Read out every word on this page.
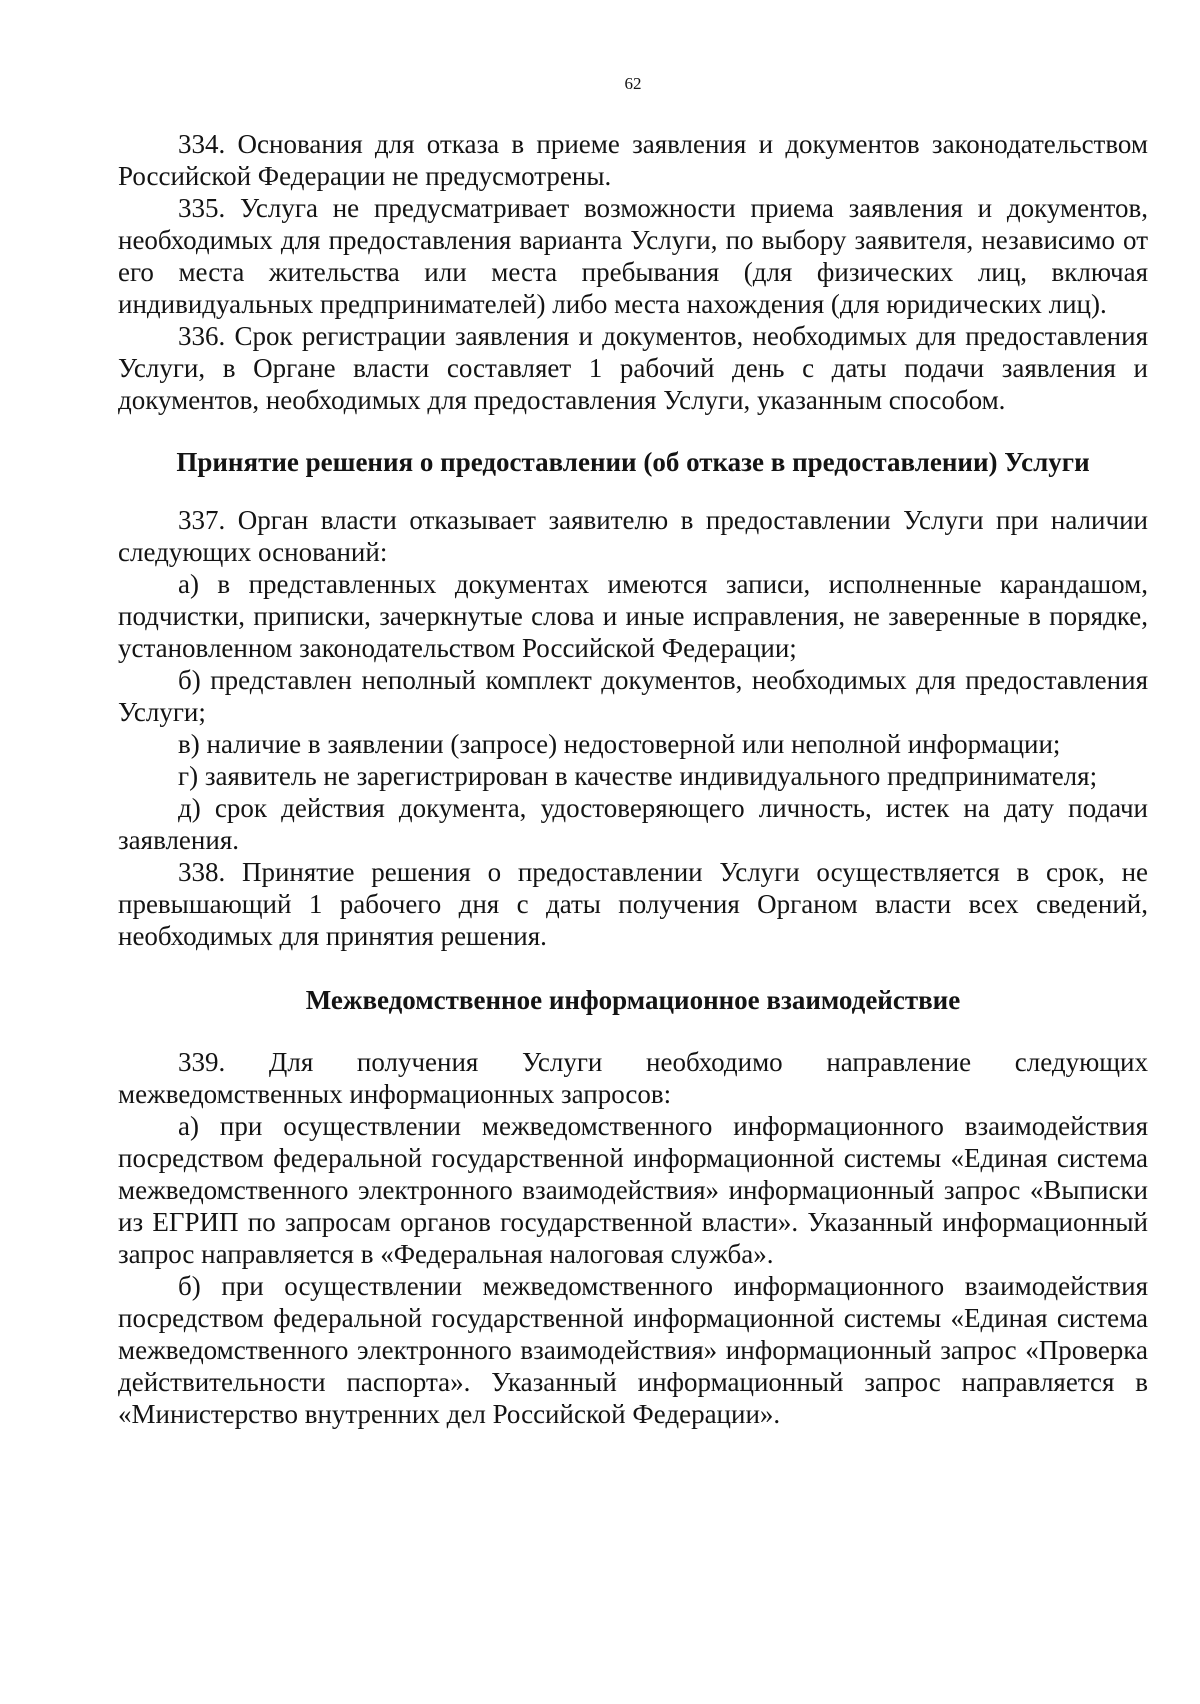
62

334. Основания для отказа в приеме заявления и документов законодательством Российской Федерации не предусмотрены.

335. Услуга не предусматривает возможности приема заявления и документов, необходимых для предоставления варианта Услуги, по выбору заявителя, независимо от его места жительства или места пребывания (для физических лиц, включая индивидуальных предпринимателей) либо места нахождения (для юридических лиц).

336. Срок регистрации заявления и документов, необходимых для предоставления Услуги, в Органе власти составляет 1 рабочий день с даты подачи заявления и документов, необходимых для предоставления Услуги, указанным способом.

Принятие решения о предоставлении (об отказе в предоставлении) Услуги

337. Орган власти отказывает заявителю в предоставлении Услуги при наличии следующих оснований:

а) в представленных документах имеются записи, исполненные карандашом, подчистки, приписки, зачеркнутые слова и иные исправления, не заверенные в порядке, установленном законодательством Российской Федерации;

б) представлен неполный комплект документов, необходимых для предоставления Услуги;

в) наличие в заявлении (запросе) недостоверной или неполной информации;

г) заявитель не зарегистрирован в качестве индивидуального предпринимателя;

д) срок действия документа, удостоверяющего личность, истек на дату подачи заявления.

338. Принятие решения о предоставлении Услуги осуществляется в срок, не превышающий 1 рабочего дня с даты получения Органом власти всех сведений, необходимых для принятия решения.

Межведомственное информационное взаимодействие

339. Для получения Услуги необходимо направление следующих межведомственных информационных запросов:

а) при осуществлении межведомственного информационного взаимодействия посредством федеральной государственной информационной системы «Единая система межведомственного электронного взаимодействия» информационный запрос «Выписки из ЕГРИП по запросам органов государственной власти». Указанный информационный запрос направляется в «Федеральная налоговая служба».

б) при осуществлении межведомственного информационного взаимодействия посредством федеральной государственной информационной системы «Единая система межведомственного электронного взаимодействия» информационный запрос «Проверка действительности паспорта». Указанный информационный запрос направляется в «Министерство внутренних дел Российской Федерации».
